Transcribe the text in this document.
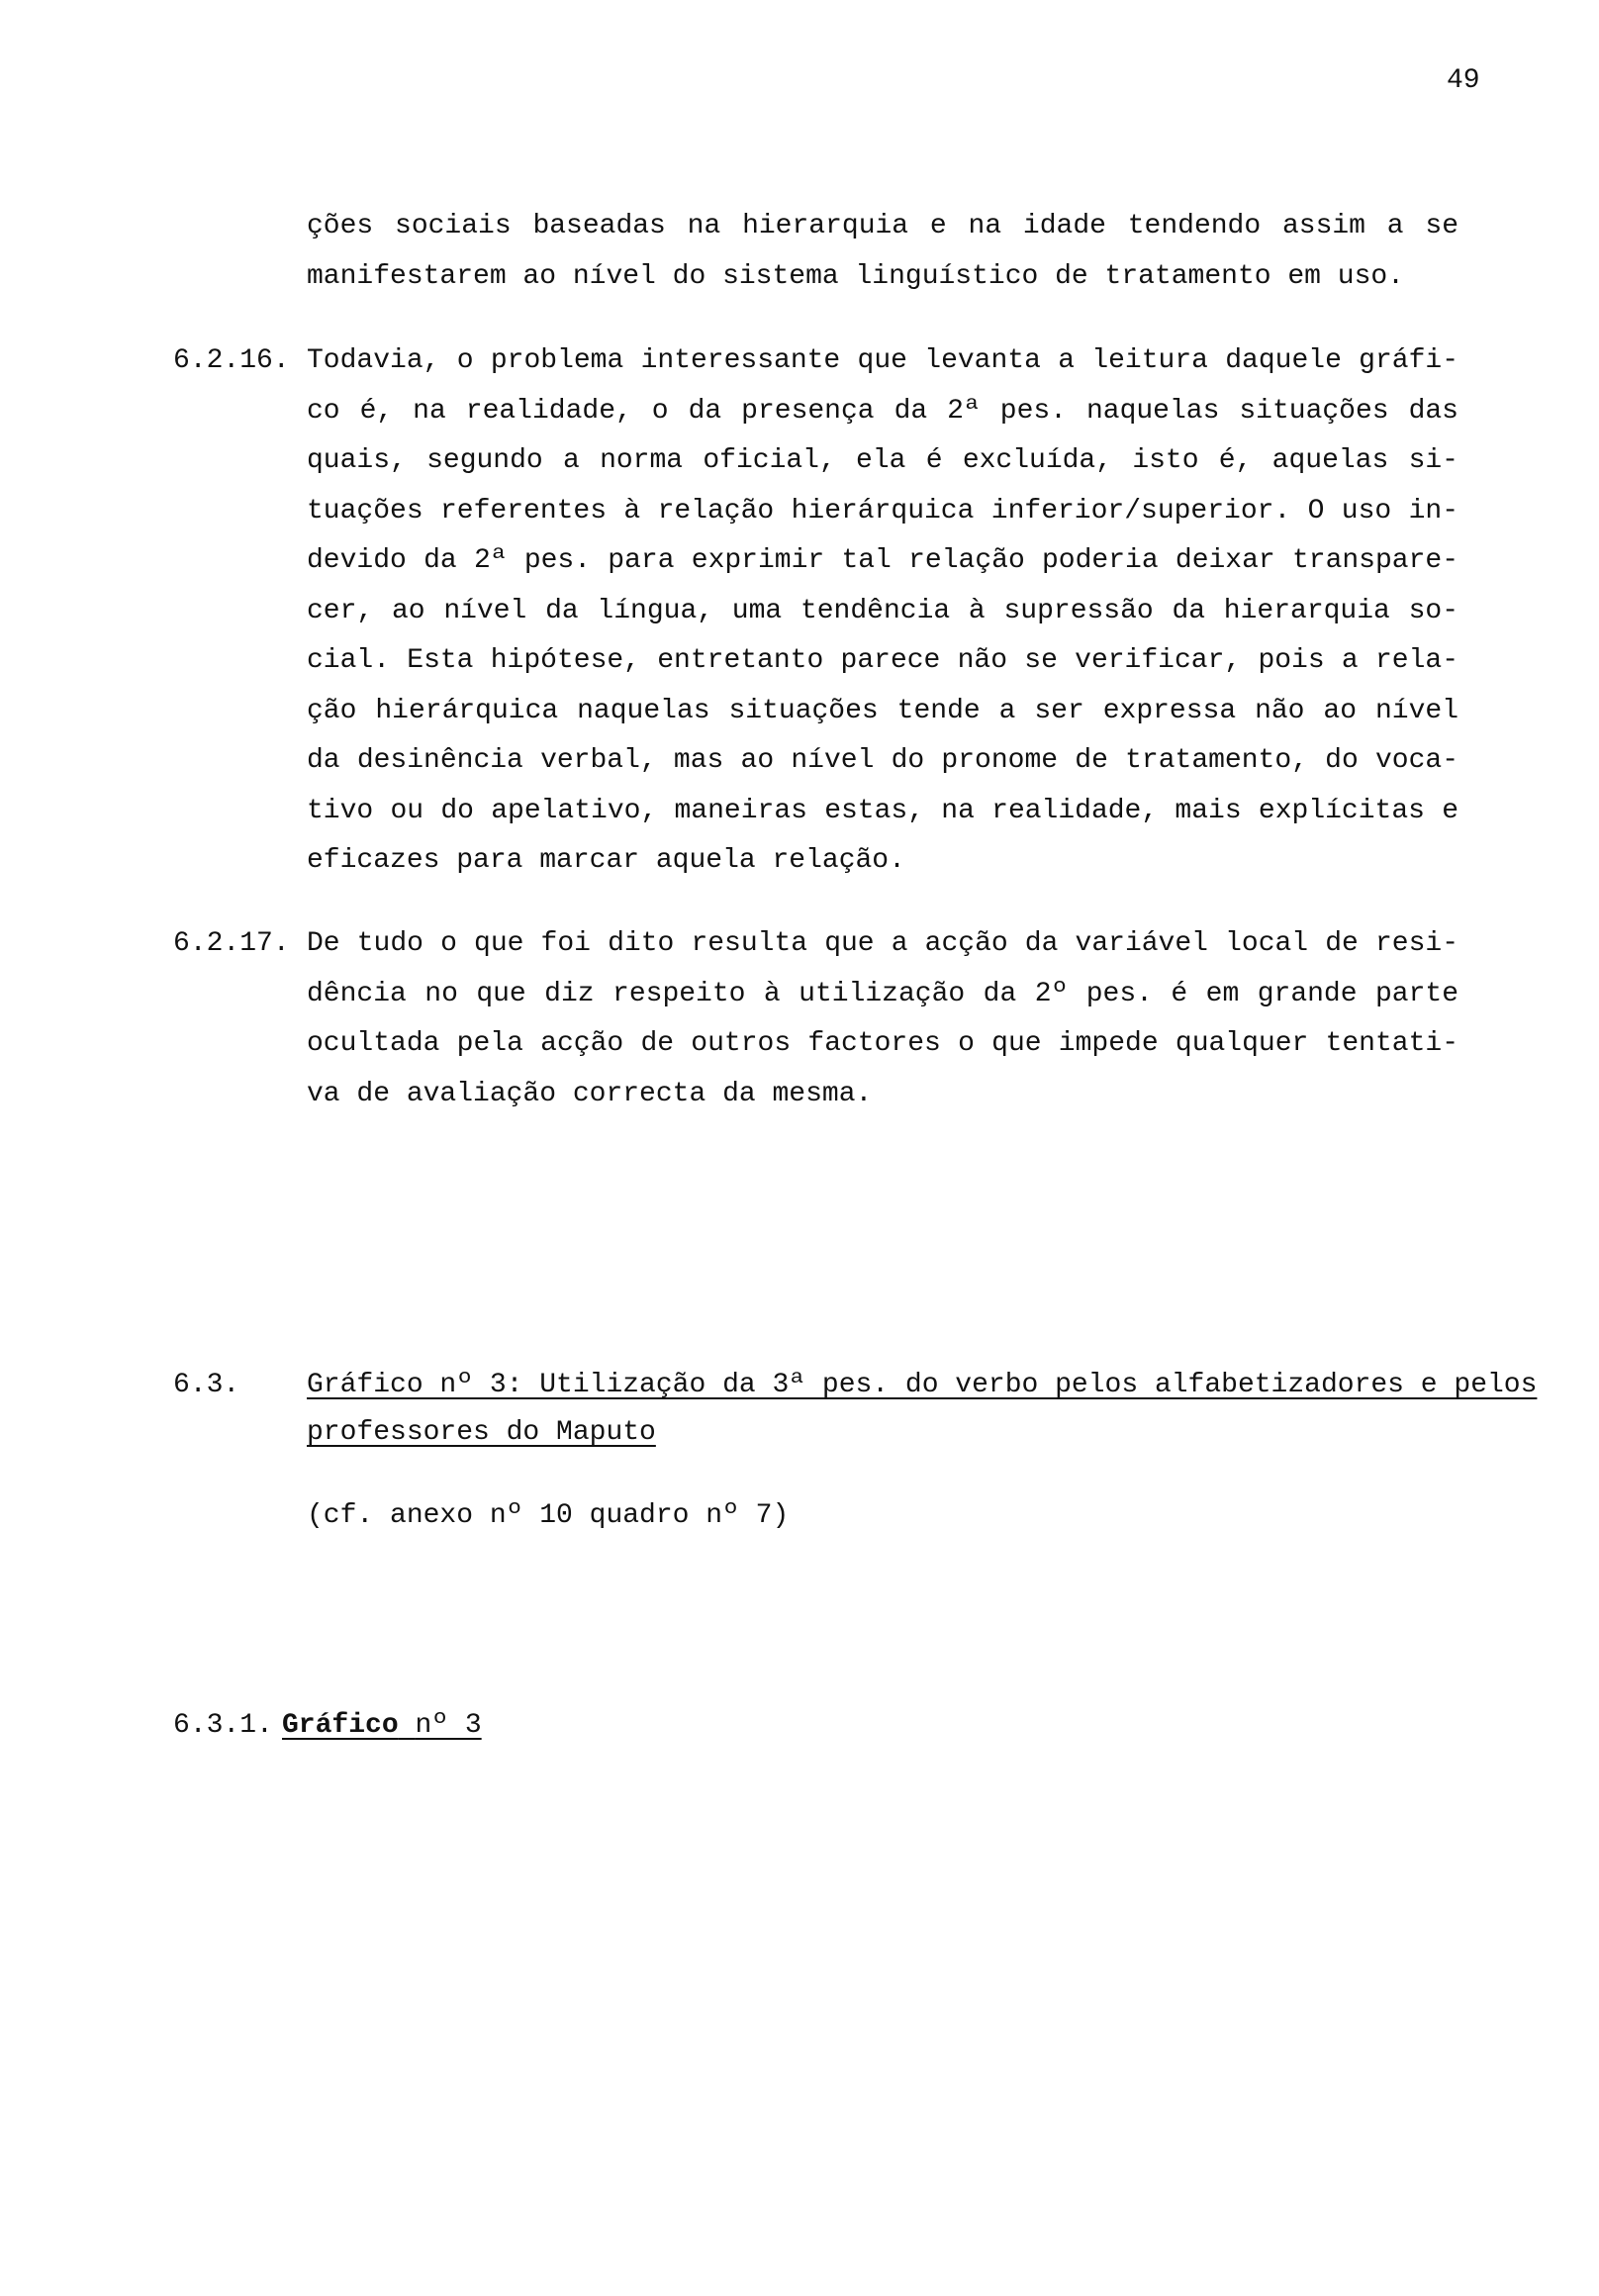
49
ções sociais baseadas na hierarquia e na idade tendendo assim a se
manifestarem ao nível do sistema linguístico de tratamento em uso.
6.2.16. Todavia, o problema interessante que levanta a leitura daquele gráfi-
co é, na realidade, o da presença da 2ª pes. naquelas situações das
quais, segundo a norma oficial, ela é excluída, isto é, aquelas si-
tuações referentes à relação hierárquica inferior/superior. O uso in-
devido da 2ª pes. para exprimir tal relação poderia deixar transpare-
cer, ao nível da língua, uma tendência à supressão da hierarquia so-
cial. Esta hipótese, entretanto parece não se verificar, pois a rela-
ção hierárquica naquelas situações tende a ser expressa não ao nível
da desinência verbal, mas ao nível do pronome de tratamento, do voca-
tivo ou do apelativo, maneiras estas, na realidade, mais explícitas e
eficazes para marcar aquela relação.
6.2.17. De tudo o que foi dito resulta que a acção da variável local de resi-
dência no que diz respeito à utilização da 2º pes. é em grande parte
ocultada pela acção de outros factores o que impede qualquer tentati-
va de avaliação correcta da mesma.
6.3. Gráfico nº 3: Utilização da 3ª pes. do verbo pelos alfabetizadores e pelos
professores do Maputo
(cf. anexo nº 10 quadro nº 7)
6.3.1. Gráfico nº 3
